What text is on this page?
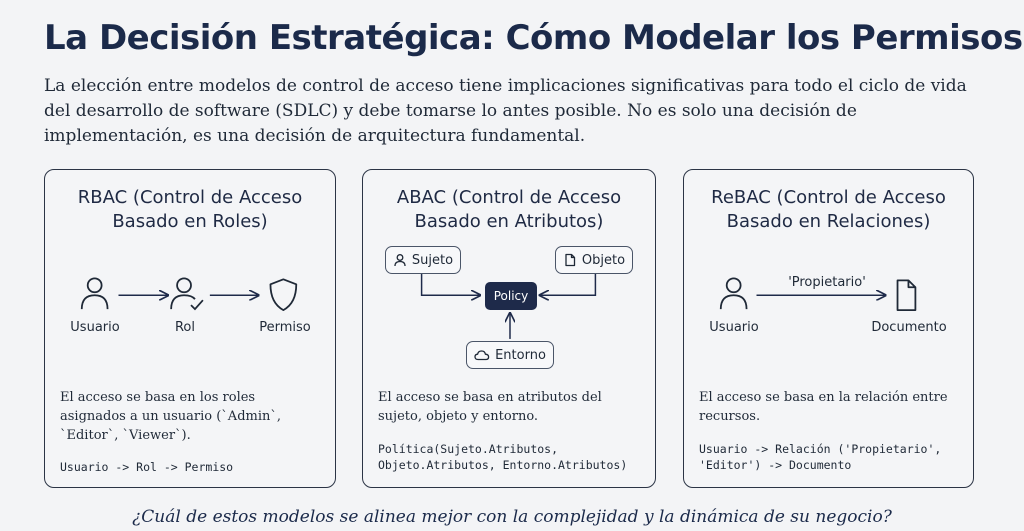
La Decisión Estratégica: Cómo Modelar los Permisos
La elección entre modelos de control de acceso tiene implicaciones significativas para todo el ciclo de vida del desarrollo de software (SDLC) y debe tomarse lo antes posible. No es solo una decisión de implementación, es una decisión de arquitectura fundamental.
RBAC (Control de Acceso
Basado en Roles)
Usuario	Rol	Permiso
El acceso se basa en los roles asignados a un usuario (`Admin`, `Editor`, `Viewer`).
Usuario -> Rol -> Permiso
ABAC (Control de Acceso
Basado en Atributos)
Sujeto	Objeto
Policy
Entorno
El acceso se basa en atributos del sujeto, objeto y entorno.
Política(Sujeto.Atributos,
Objeto.Atributos, Entorno.Atributos)
ReBAC (Control de Acceso
Basado en Relaciones)
'Propietario'
Usuario	Documento
El acceso se basa en la relación entre recursos.
Usuario -> Relación ('Propietario',
'Editor') -> Documento
¿Cuál de estos modelos se alinea mejor con la complejidad y la dinámica de su negocio?
